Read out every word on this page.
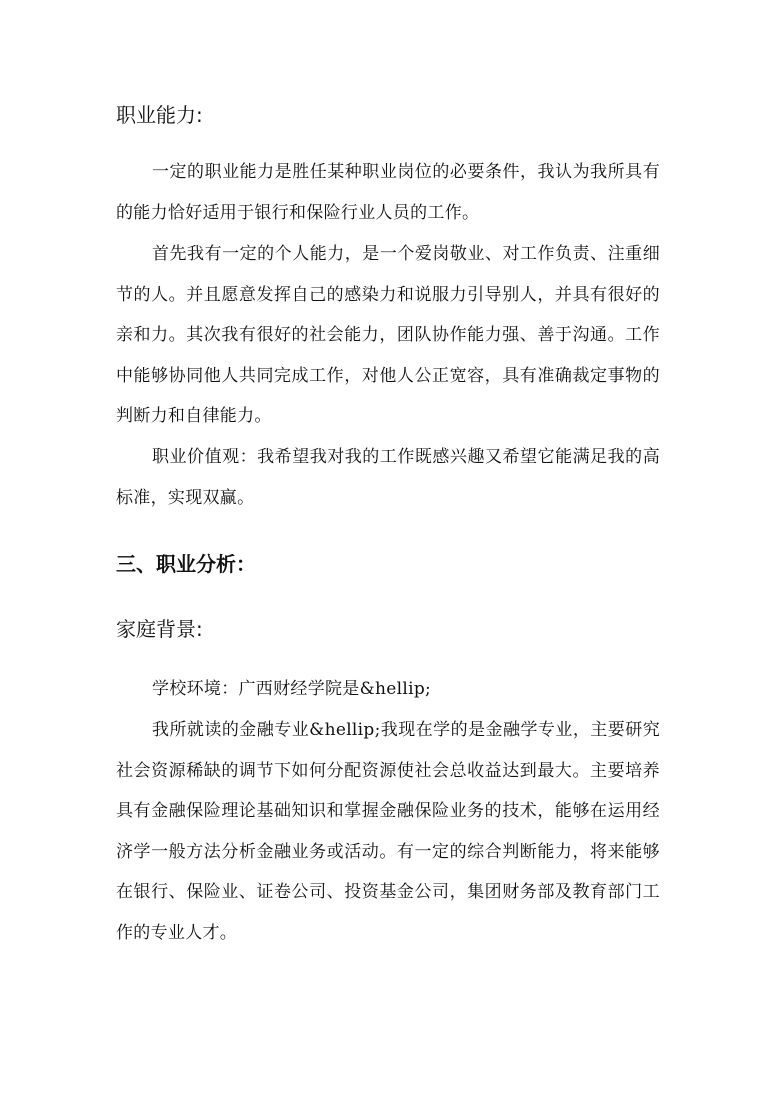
职业能力:

一定的职业能力是胜任某种职业岗位的必要条件，我认为我所具有的能力恰好适用于银行和保险行业人员的工作。

首先我有一定的个人能力，是一个爱岗敬业、对工作负责、注重细节的人。并且愿意发挥自己的感染力和说服力引导别人，并具有很好的亲和力。其次我有很好的社会能力，团队协作能力强、善于沟通。工作中能够协同他人共同完成工作，对他人公正宽容，具有准确裁定事物的判断力和自律能力。

职业价值观：我希望我对我的工作既感兴趣又希望它能满足我的高标准，实现双赢。

三、职业分析：
家庭背景:

学校环境：广西财经学院是&hellip;

我所就读的金融专业&hellip;我现在学的是金融学专业，主要研究社会资源稀缺的调节下如何分配资源使社会总收益达到最大。主要培养具有金融保险理论基础知识和掌握金融保险业务的技术，能够在运用经济学一般方法分析金融业务或活动。有一定的综合判断能力，将来能够在银行、保险业、证卷公司、投资基金公司，集团财务部及教育部门工作的专业人才。
